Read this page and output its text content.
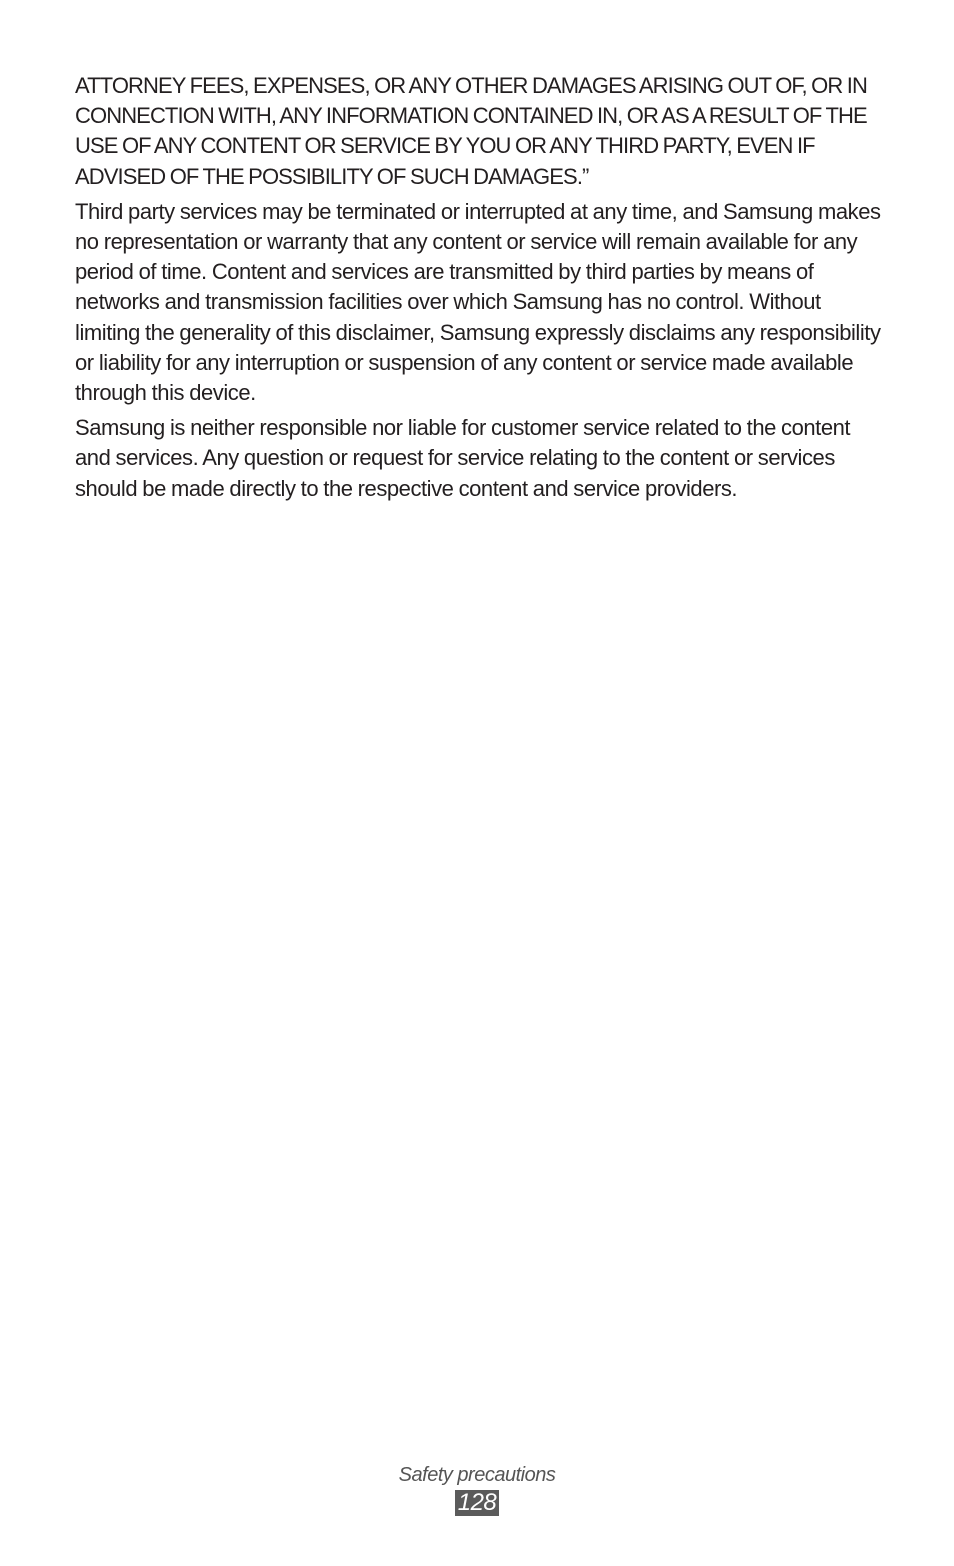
ATTORNEY FEES, EXPENSES, OR ANY OTHER DAMAGES ARISING OUT OF, OR IN CONNECTION WITH, ANY INFORMATION CONTAINED IN, OR AS A RESULT OF THE USE OF ANY CONTENT OR SERVICE BY YOU OR ANY THIRD PARTY, EVEN IF ADVISED OF THE POSSIBILITY OF SUCH DAMAGES.”

Third party services may be terminated or interrupted at any time, and Samsung makes no representation or warranty that any content or service will remain available for any period of time. Content and services are transmitted by third parties by means of networks and transmission facilities over which Samsung has no control. Without limiting the generality of this disclaimer, Samsung expressly disclaims any responsibility or liability for any interruption or suspension of any content or service made available through this device.

Samsung is neither responsible nor liable for customer service related to the content and services. Any question or request for service relating to the content or services should be made directly to the respective content and service providers.

Safety precautions
128
